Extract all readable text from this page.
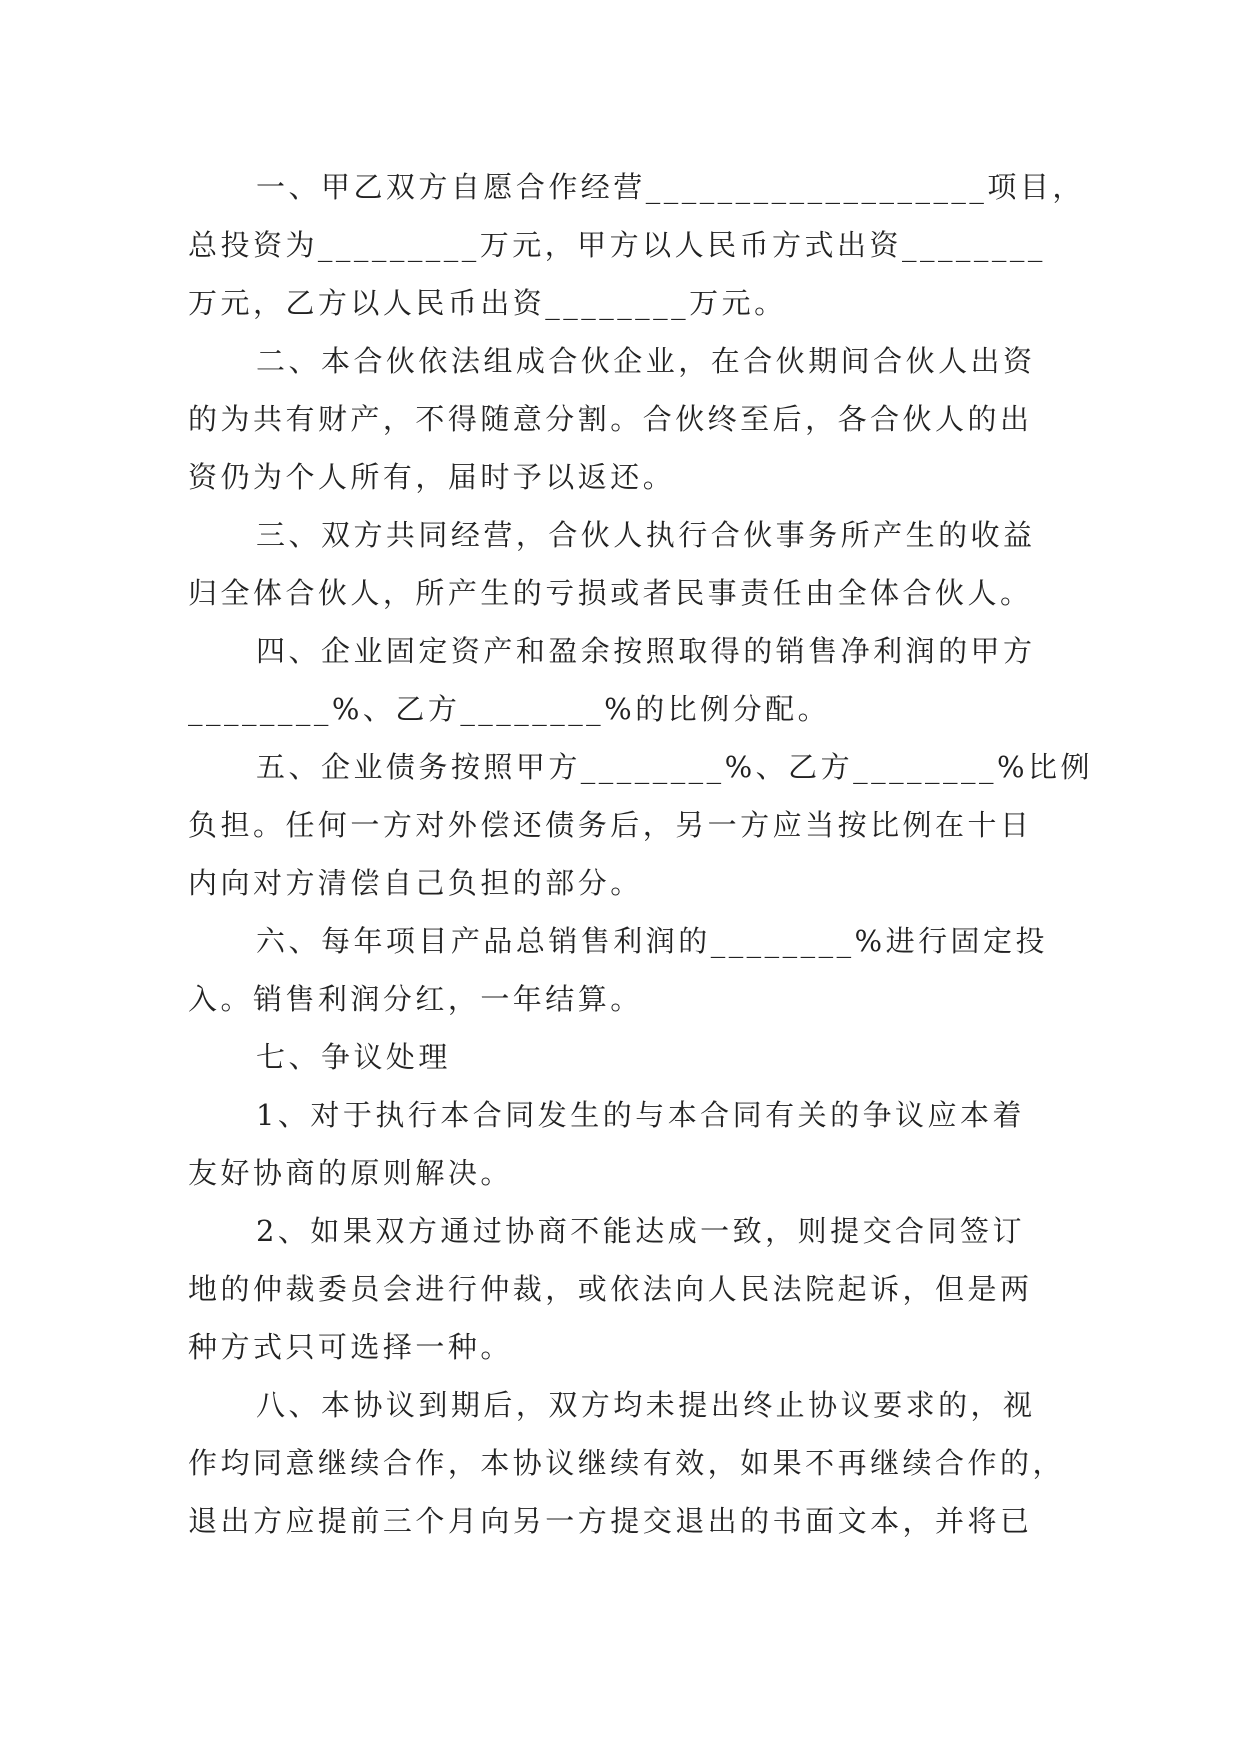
一、甲乙双方自愿合作经营___________________项目，
总投资为_________万元，甲方以人民币方式出资________
万元，乙方以人民币出资________万元。
二、本合伙依法组成合伙企业，在合伙期间合伙人出资
的为共有财产，不得随意分割。合伙终至后，各合伙人的出
资仍为个人所有，届时予以返还。
三、双方共同经营，合伙人执行合伙事务所产生的收益
归全体合伙人，所产生的亏损或者民事责任由全体合伙人。
四、企业固定资产和盈余按照取得的销售净利润的甲方
________%、乙方________%的比例分配。
五、企业债务按照甲方________%、乙方________%比例
负担。任何一方对外偿还债务后，另一方应当按比例在十日
内向对方清偿自己负担的部分。
六、每年项目产品总销售利润的________%进行固定投
入。销售利润分红，一年结算。
七、争议处理
1、对于执行本合同发生的与本合同有关的争议应本着
友好协商的原则解决。
2、如果双方通过协商不能达成一致，则提交合同签订
地的仲裁委员会进行仲裁，或依法向人民法院起诉，但是两
种方式只可选择一种。
八、本协议到期后，双方均未提出终止协议要求的，视
作均同意继续合作，本协议继续有效，如果不再继续合作的，
退出方应提前三个月向另一方提交退出的书面文本，并将已
